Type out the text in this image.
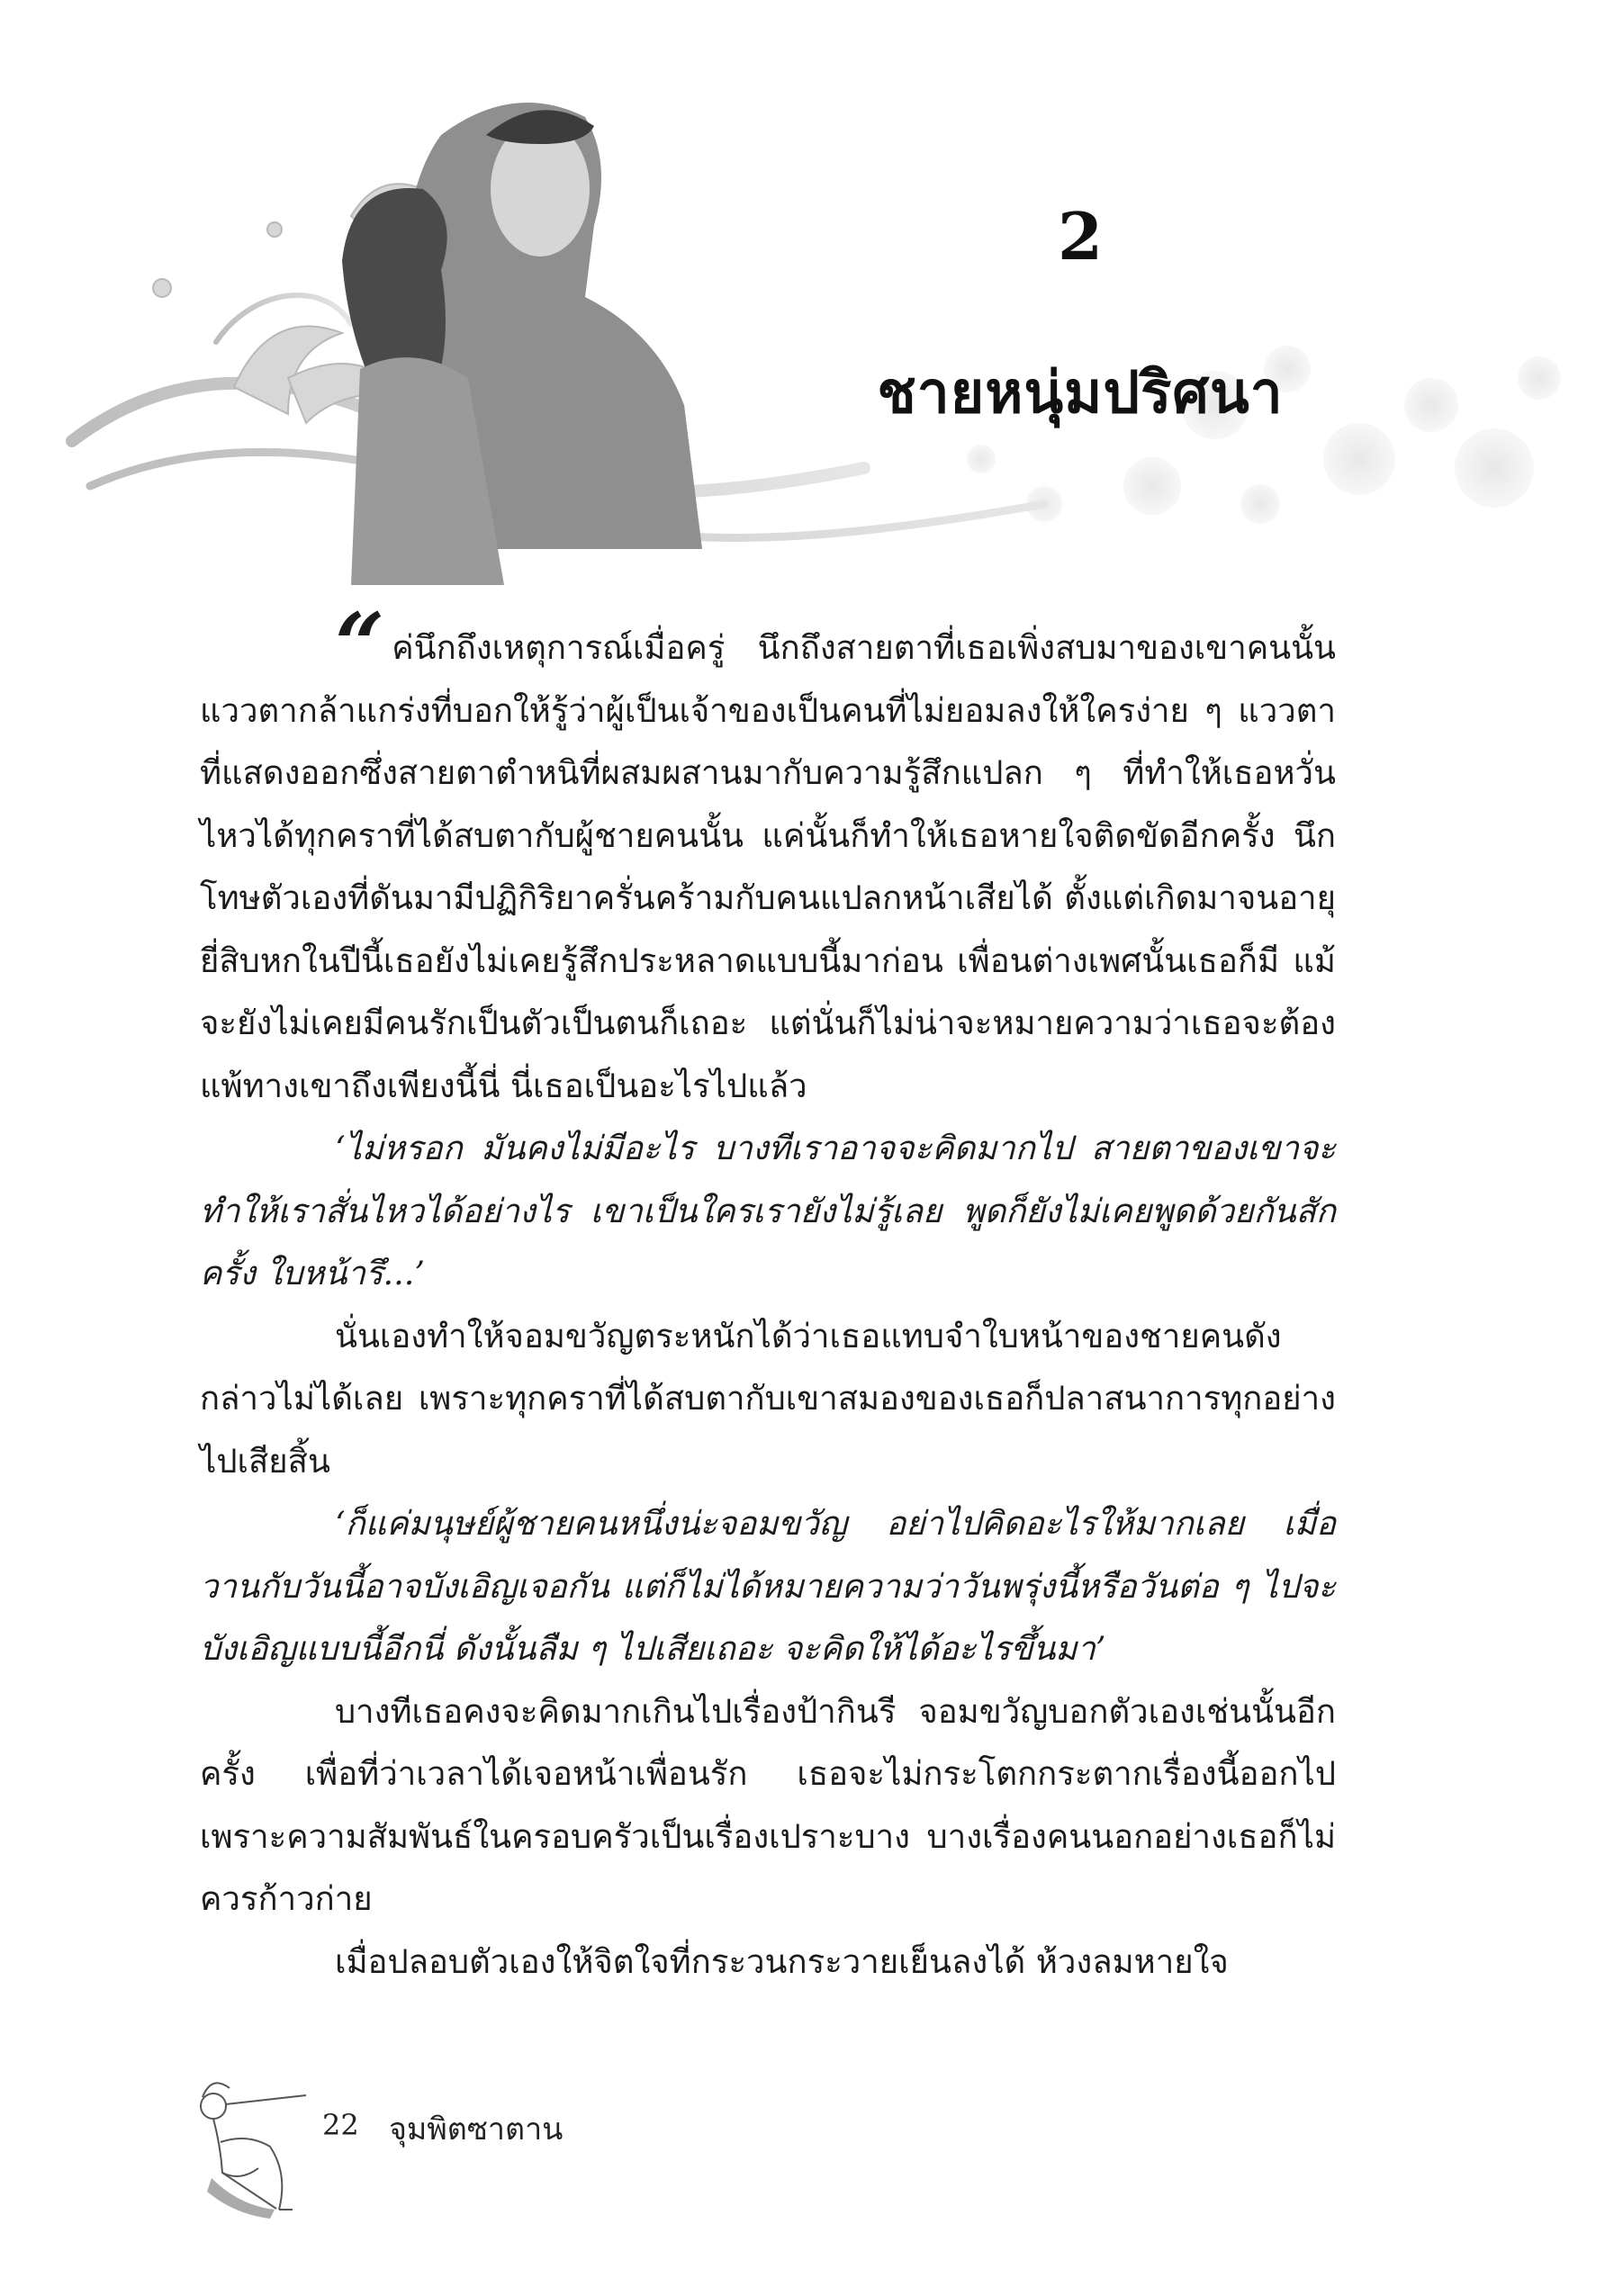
2
ชายหนุ่มปริศนา

“ ค่นึกถึงเหตุการณ์เมื่อครู่ นึกถึงสายตาที่เธอเพิ่งสบมาของเขาคนนั้น แววตากล้าแกร่งที่บอกให้รู้ว่าผู้เป็นเจ้าของเป็นคนที่ไม่ยอมลงให้ใครง่าย ๆ แววตาที่แสดงออกซึ่งสายตาตำหนิที่ผสมผสานมากับความรู้สึกแปลก ๆ ที่ทำให้เธอหวั่นไหวได้ทุกคราที่ได้สบตากับผู้ชายคนนั้น แค่นั้นก็ทำให้เธอหายใจติดขัดอีกครั้ง นึกโทษตัวเองที่ดันมามีปฏิกิริยาครั่นคร้ามกับคนแปลกหน้าเสียได้ ตั้งแต่เกิดมาจนอายุยี่สิบหกในปีนี้เธอยังไม่เคยรู้สึกประหลาดแบบนี้มาก่อน เพื่อนต่างเพศนั้นเธอก็มี แม้จะยังไม่เคยมีคนรักเป็นตัวเป็นตนก็เถอะ แต่นั่นก็ไม่น่าจะหมายความว่าเธอจะต้องแพ้ทางเขาถึงเพียงนี้นี่ นี่เธอเป็นอะไรไปแล้ว

‘ไม่หรอก มันคงไม่มีอะไร บางทีเราอาจจะคิดมากไป สายตาของเขาจะทำให้เราสั่นไหวได้อย่างไร เขาเป็นใครเรายังไม่รู้เลย พูดก็ยังไม่เคยพูดด้วยกันสักครั้ง ใบหน้ารึ...’

นั่นเองทำให้จอมขวัญตระหนักได้ว่าเธอแทบจำใบหน้าของชายคนดังกล่าวไม่ได้เลย เพราะทุกคราที่ได้สบตากับเขาสมองของเธอก็ปลาสนาการทุกอย่างไปเสียสิ้น

‘ก็แค่มนุษย์ผู้ชายคนหนึ่งน่ะจอมขวัญ อย่าไปคิดอะไรให้มากเลย เมื่อวานกับวันนี้อาจบังเอิญเจอกัน แต่ก็ไม่ได้หมายความว่าวันพรุ่งนี้หรือวันต่อ ๆ ไปจะบังเอิญแบบนี้อีกนี่ ดังนั้นลืม ๆ ไปเสียเถอะ จะคิดให้ได้อะไรขึ้นมา’

บางทีเธอคงจะคิดมากเกินไปเรื่องป้ากินรี จอมขวัญบอกตัวเองเช่นนั้นอีกครั้ง เพื่อที่ว่าเวลาได้เจอหน้าเพื่อนรัก เธอจะไม่กระโตกกระตากเรื่องนี้ออกไป เพราะความสัมพันธ์ในครอบครัวเป็นเรื่องเปราะบาง บางเรื่องคนนอกอย่างเธอก็ไม่ควรก้าวก่าย

เมื่อปลอบตัวเองให้จิตใจที่กระวนกระวายเย็นลงได้ ห้วงลมหายใจ

22 จุมพิตซาตาน
